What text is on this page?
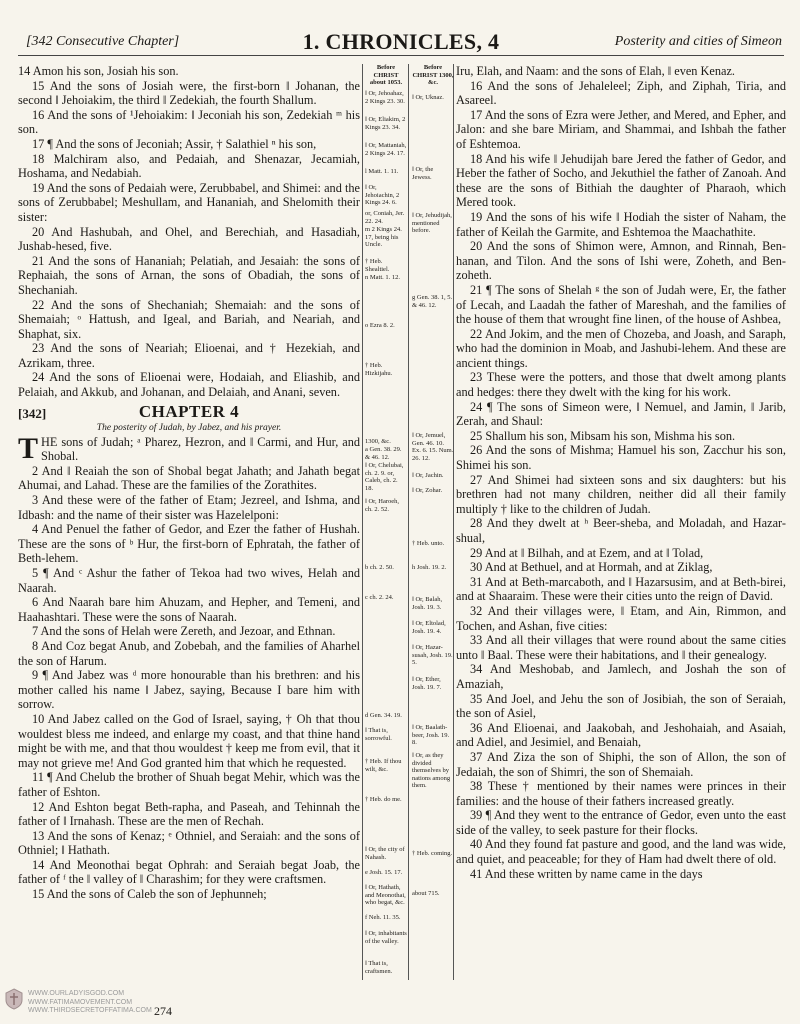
[342 Consecutive Chapter]	1. CHRONICLES, 4	Posterity and cities of Simeon

14 Amon his son, Josiah his son.

15 And the sons of Josiah were, the first-born ‖ Johanan, the second ‖ Jehoiakim, the third ‖ Zedekiah, the fourth Shallum.

16 And the sons of ¹Jehoiakim: ‖ Jeconiah his son, Zedekiah ᵐ his son.

17 ¶ And the sons of Jeconiah; Assir, † Salathiel ⁿ his son,

18 Malchiram also, and Pedaiah, and Shenazar, Jecamiah, Hoshama, and Nedabiah.

19 And the sons of Pedaiah were, Zerubbabel, and Shimei: and the sons of Zerubbabel; Meshullam, and Hananiah, and Shelomith their sister:

20 And Hashubah, and Ohel, and Berechiah, and Hasadiah, Jushab-hesed, five.

21 And the sons of Hananiah; Pelatiah, and Jesaiah: the sons of Rephaiah, the sons of Arnan, the sons of Obadiah, the sons of Shechaniah.

22 And the sons of Shechaniah; Shemaiah: and the sons of Shemaiah; ᵒ Hattush, and Igeal, and Bariah, and Neariah, and Shaphat, six.

23 And the sons of Neariah; Elioenai, and † Hezekiah, and Azrikam, three.

24 And the sons of Elioenai were, Hodaiah, and Eliashib, and Pelaiah, and Akkub, and Johanan, and Delaiah, and Anani, seven.

[342]	CHAPTER 4
The posterity of Judah, by Jabez, and his prayer.

THE sons of Judah; ᵃ Pharez, Hezron, and ‖ Carmi, and Hur, and Shobal.

2 And ‖ Reaiah the son of Shobal begat Jahath; and Jahath begat Ahumai, and Lahad. These are the families of the Zorathites.

3 And these were of the father of Etam; Jezreel, and Ishma, and Idbash: and the name of their sister was Hazelelponi:

4 And Penuel the father of Gedor, and Ezer the father of Hushah. These are the sons of ᵇ Hur, the first-born of Ephratah, the father of Beth-lehem.

5 ¶ And ᶜ Ashur the father of Tekoa had two wives, Helah and Naarah.

6 And Naarah bare him Ahuzam, and Hepher, and Temeni, and Haahashtari. These were the sons of Naarah.

7 And the sons of Helah were Zereth, and Jezoar, and Ethnan.

8 And Coz begat Anub, and Zobebah, and the families of Aharhel the son of Harum.

9 ¶ And Jabez was ᵈ more honourable than his brethren: and his mother called his name ‖ Jabez, saying, Because I bare him with sorrow.

10 And Jabez called on the God of Israel, saying, † Oh that thou wouldest bless me indeed, and enlarge my coast, and that thine hand might be with me, and that thou wouldest † keep me from evil, that it may not grieve me! And God granted him that which he requested.

11 ¶ And Chelub the brother of Shuah begat Mehir, which was the father of Eshton.

12 And Eshton begat Beth-rapha, and Paseah, and Tehinnah the father of ‖ Irnahash. These are the men of Rechah.

13 And the sons of Kenaz; ᵉ Othniel, and Seraiah: and the sons of Othniel; ‖ Hathath.

14 And Meonothai begat Ophrah: and Seraiah begat Joab, the father of ᶠ the ‖ valley of ‖ Charashim; for they were craftsmen.

15 And the sons of Caleb the son of Jephunneh;

Before CHRIST about 1053.
‖ Or, Jehoahaz, 2 Kings 23. 30.
‖ Or, Eliakim, 2 Kings 23. 34.
‖ Or, Mattaniah, 2 Kings 24. 17.
l Matt. 1. 11.
‖ Or, Jehoiachin, 2 Kings 24. 6.
or, Coniah, Jer. 22. 24.
m 2 Kings 24. 17, being his Uncle.
† Heb. Shealtiel.
n Matt. 1. 12.
o Ezra 8. 2.
† Heb. Hizkijahu.
1300, &c.
a Gen. 38. 29. & 46. 12.
‖ Or, Chelubai, ch. 2. 9. or, Caleb, ch. 2. 18.
‖ Or, Haroeh, ch. 2. 52.
b ch. 2. 50.
c ch. 2. 24.
d Gen. 34. 19.
‖ That is, sorrowful.
† Heb. If thou wilt, &c.
† Heb. do me.
‖ Or, the city of Nahash.
e Josh. 15. 17.
‖ Or, Hathath, and Meonothai, who begat, &c.
f Neh. 11. 35.
‖ Or, inhabitants of the valley.
‖ That is, craftsmen.
Before CHRIST 1300, &c.
‖ Or, Uknaz.
‖ Or, the Jewess.
‖ Or, Jehudijah, mentioned before.
g Gen. 38. 1, 5. & 46. 12.
‖ Or, Jemuel, Gen. 46. 10. Ex. 6. 15. Num. 26. 12.
‖ Or, Jachin.
‖ Or, Zohar.
† Heb. unto.
h Josh. 19. 2.
‖ Or, Balah, Josh. 19. 3.
‖ Or, Eltolad, Josh. 19. 4.
‖ Or, Hazar-susah, Josh. 19. 5.
‖ Or, Ether, Josh. 19. 7.
‖ Or, Baalath-beer, Josh. 19. 8.
‖ Or, as they divided themselves by nations among them.
† Heb. coming.
about 715.

Iru, Elah, and Naam: and the sons of Elah, ‖ even Kenaz.

16 And the sons of Jehaleleel; Ziph, and Ziphah, Tiria, and Asareel.

17 And the sons of Ezra were Jether, and Mered, and Epher, and Jalon: and she bare Miriam, and Shammai, and Ishbah the father of Eshtemoa.

18 And his wife ‖ Jehudijah bare Jered the father of Gedor, and Heber the father of Socho, and Jekuthiel the father of Zanoah. And these are the sons of Bithiah the daughter of Pharaoh, which Mered took.

19 And the sons of his wife ‖ Hodiah the sister of Naham, the father of Keilah the Garmite, and Eshtemoa the Maachathite.

20 And the sons of Shimon were, Amnon, and Rinnah, Ben-hanan, and Tilon. And the sons of Ishi were, Zoheth, and Ben-zoheth.

21 ¶ The sons of Shelah ᵍ the son of Judah were, Er, the father of Lecah, and Laadah the father of Mareshah, and the families of the house of them that wrought fine linen, of the house of Ashbea,

22 And Jokim, and the men of Chozeba, and Joash, and Saraph, who had the dominion in Moab, and Jashubi-lehem. And these are ancient things.

23 These were the potters, and those that dwelt among plants and hedges: there they dwelt with the king for his work.

24 ¶ The sons of Simeon were, ‖ Nemuel, and Jamin, ‖ Jarib, Zerah, and Shaul:

25 Shallum his son, Mibsam his son, Mishma his son.

26 And the sons of Mishma; Hamuel his son, Zacchur his son, Shimei his son.

27 And Shimei had sixteen sons and six daughters: but his brethren had not many children, neither did all their family multiply † like to the children of Judah.

28 And they dwelt at ʰ Beer-sheba, and Moladah, and Hazar-shual,

29 And at ‖ Bilhah, and at Ezem, and at ‖ Tolad,

30 And at Bethuel, and at Hormah, and at Ziklag,

31 And at Beth-marcaboth, and ‖ Hazarsusim, and at Beth-birei, and at Shaaraim. These were their cities unto the reign of David.

32 And their villages were, ‖ Etam, and Ain, Rimmon, and Tochen, and Ashan, five cities:

33 And all their villages that were round about the same cities unto ‖ Baal. These were their habitations, and ‖ their genealogy.

34 And Meshobab, and Jamlech, and Joshah the son of Amaziah,

35 And Joel, and Jehu the son of Josibiah, the son of Seraiah, the son of Asiel,

36 And Elioenai, and Jaakobah, and Jeshohaiah, and Asaiah, and Adiel, and Jesimiel, and Benaiah,

37 And Ziza the son of Shiphi, the son of Allon, the son of Jedaiah, the son of Shimri, the son of Shemaiah.

38 These † mentioned by their names were princes in their families: and the house of their fathers increased greatly.

39 ¶ And they went to the entrance of Gedor, even unto the east side of the valley, to seek pasture for their flocks.

40 And they found fat pasture and good, and the land was wide, and quiet, and peaceable; for they of Ham had dwelt there of old.

41 And these written by name came in the days

WWW.OURLADYISGOD.COM
WWW.FATIMAMOVEMENT.COM
WWW.THIRDSECRETOFFATIMA.COM 274
